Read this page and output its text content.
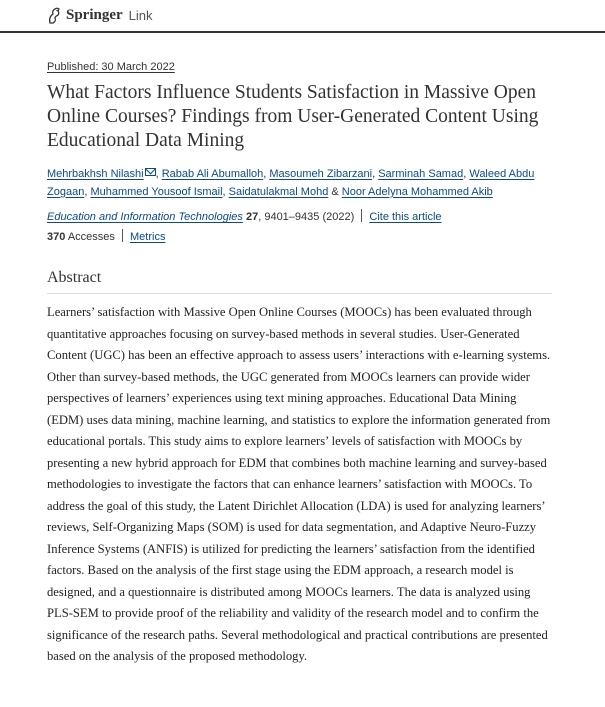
Springer Link
Published: 30 March 2022
What Factors Influence Students Satisfaction in Massive Open Online Courses? Findings from User-Generated Content Using Educational Data Mining
Mehrbakhsh Nilashi , Rabab Ali Abumalloh, Masoumeh Zibarzani, Sarminah Samad, Waleed Abdu Zogaan, Muhammed Yousoof Ismail, Saidatulakmal Mohd & Noor Adelyna Mohammed Akib
Education and Information Technologies 27, 9401–9435 (2022) Cite this article
370 Accesses Metrics
Abstract

Learners’ satisfaction with Massive Open Online Courses (MOOCs) has been evaluated through quantitative approaches focusing on survey-based methods in several studies. User-Generated Content (UGC) has been an effective approach to assess users’ interactions with e-learning systems. Other than survey-based methods, the UGC generated from MOOCs learners can provide wider perspectives of learners’ experiences using text mining approaches. Educational Data Mining (EDM) uses data mining, machine learning, and statistics to explore the information generated from educational portals. This study aims to explore learners’ levels of satisfaction with MOOCs by presenting a new hybrid approach for EDM that combines both machine learning and survey-based methodologies to investigate the factors that can enhance learners’ satisfaction with MOOCs. To address the goal of this study, the Latent Dirichlet Allocation (LDA) is used for analyzing learners’ reviews, Self-Organizing Maps (SOM) is used for data segmentation, and Adaptive Neuro-Fuzzy Inference Systems (ANFIS) is utilized for predicting the learners’ satisfaction from the identified factors. Based on the analysis of the first stage using the EDM approach, a research model is designed, and a questionnaire is distributed among MOOCs learners. The data is analyzed using PLS-SEM to provide proof of the reliability and validity of the research model and to confirm the significance of the research paths. Several methodological and practical contributions are presented based on the analysis of the proposed methodology.
